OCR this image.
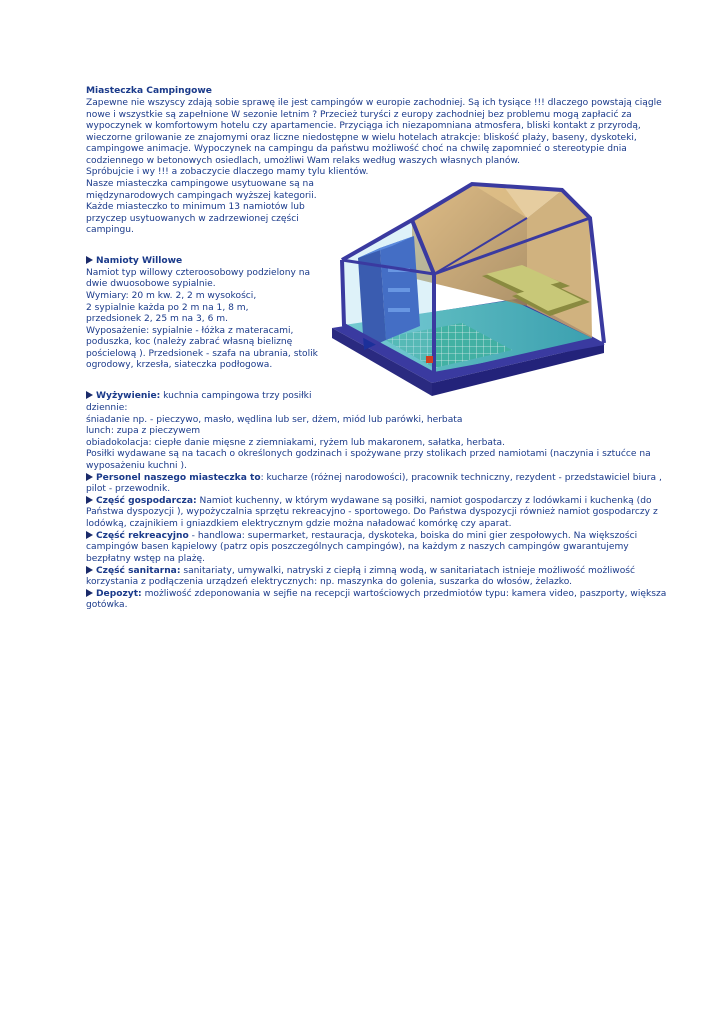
Miasteczka Campingowe
Zapewne nie wszyscy zdają sobie sprawę ile jest campingów w europie zachodniej. Są ich tysiące !!! dlaczego powstają ciągle
nowe i wszystkie są zapełnione W sezonie letnim ? Przecież turyści z europy zachodniej bez problemu mogą zapłacić za
wypoczynek w komfortowym hotelu czy apartamencie. Przyciąga ich niezapomniana atmosfera, bliski kontakt z przyrodą,
wieczorne grilowanie ze znajomymi oraz liczne niedostępne w wielu hotelach atrakcje: bliskość plaży, baseny, dyskoteki,
campingowe animacje. Wypoczynek na campingu da państwu możliwość choć na chwilę zapomnieć o stereotypie dnia
codziennego w betonowych osiedlach, umożliwi Wam relaks według waszych własnych planów.
Spróbujcie i wy !!! a zobaczycie dlaczego mamy tylu klientów.
Nasze miasteczka campingowe usytuowane są na
międzynarodowych campingach wyższej kategorii.
Każde miasteczko to minimum 13 namiotów lub
przyczep usytuowanych w zadrzewionej części
campingu.
Namioty Willowe
Namiot typ willowy czteroosobowy podzielony na
dwie dwuosobowe sypialnie.
Wymiary: 20 m kw. 2, 2 m wysokości,
2 sypialnie każda po 2 m na 1, 8 m,
przedsionek 2, 25 m na 3, 6 m.
Wyposażenie: sypialnie - łóżka z materacami,
poduszka, koc (należy zabrać własną bieliznę
pościelową ). Przedsionek - szafa na ubrania, stolik
ogrodowy, krzesła, siateczka podłogowa.
Wyżywienie: kuchnia campingowa trzy posiłki
dziennie:
śniadanie np. - pieczywo, masło, wędlina lub ser, dżem, miód lub parówki, herbata
lunch: zupa z pieczywem
obiadokolacja: ciepłe danie mięsne z ziemniakami, ryżem lub makaronem, sałatka, herbata.
Posiłki wydawane są na tacach o określonych godzinach i spożywane przy stolikach przed namiotami (naczynia i sztućce na
wyposażeniu kuchni ).
Personel naszego miasteczka to: kucharze (różnej narodowości), pracownik techniczny, rezydent - przedstawiciel biura ,
pilot - przewodnik.
Część gospodarcza: Namiot kuchenny, w którym wydawane są posiłki, namiot gospodarczy z lodówkami i kuchenką (do
Państwa dyspozycji ), wypożyczalnia sprzętu rekreacyjno - sportowego. Do Państwa dyspozycji również namiot gospodarczy z
lodówką, czajnikiem i gniazdkiem elektrycznym gdzie można naładować komórkę czy aparat.
Część rekreacyjno - handlowa: supermarket, restauracja, dyskoteka, boiska do mini gier zespołowych. Na większości
campingów basen kąpielowy (patrz opis poszczególnych campingów), na każdym z naszych campingów gwarantujemy
bezpłatny wstęp na plażę.
Część sanitarna: sanitariaty, umywalki, natryski z ciepłą i zimną wodą, w sanitariatach istnieje możliwość możliwość
korzystania z podłączenia urządzeń elektrycznych: np. maszynka do golenia, suszarka do włosów, żelazko.
Depozyt: możliwość zdeponowania w sejfie na recepcji wartościowych przedmiotów typu: kamera video, paszporty, większa
gotówka.
